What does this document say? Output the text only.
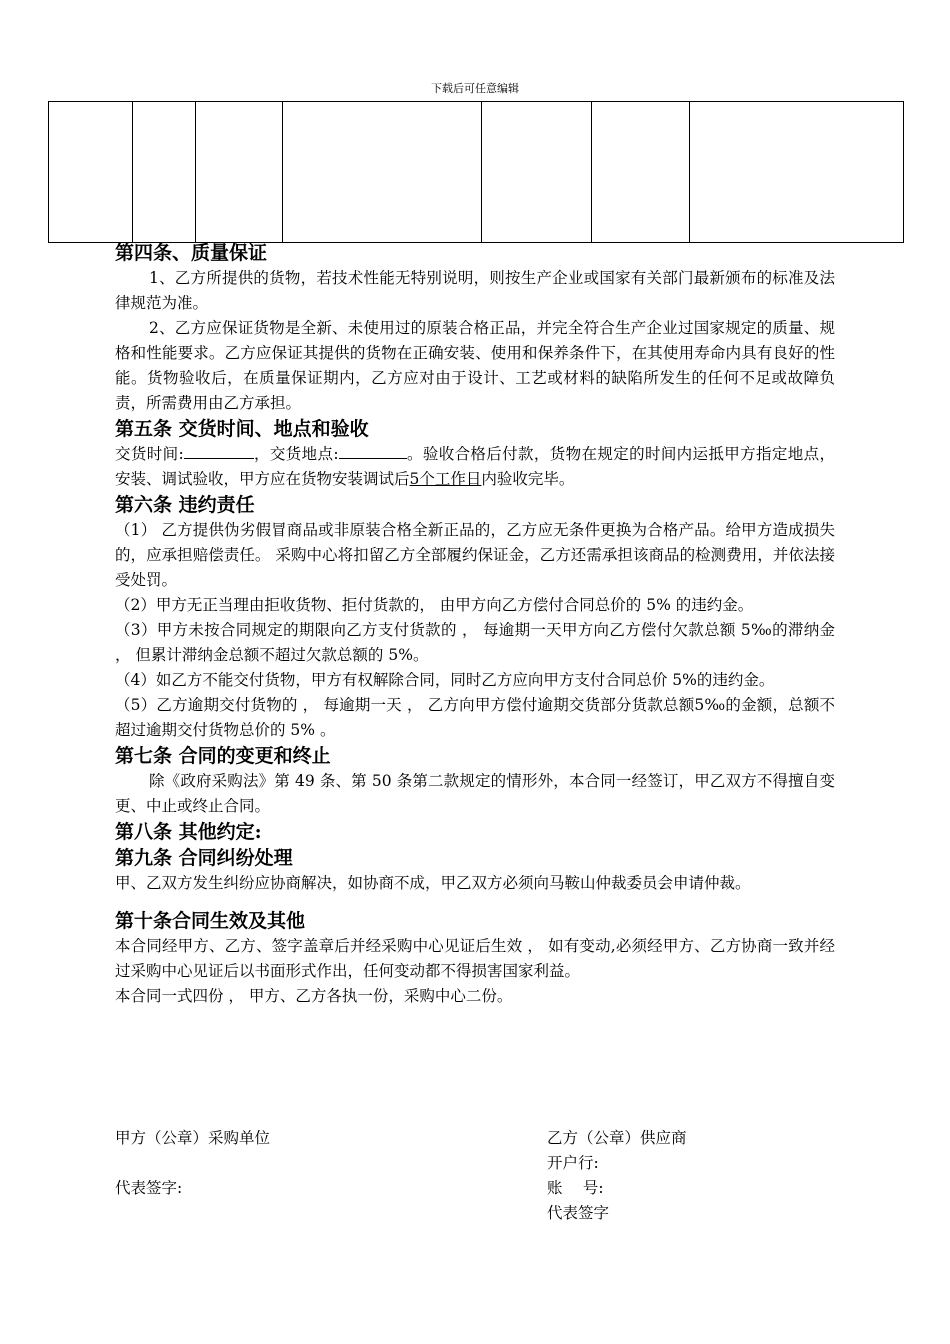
下载后可任意编辑

第四条、质量保证
1、乙方所提供的货物，若技术性能无特别说明，则按生产企业或国家有关部门最新颁布的标准及法律规范为准。
2、乙方应保证货物是全新、未使用过的原装合格正品，并完全符合生产企业过国家规定的质量、规格和性能要求。乙方应保证其提供的货物在正确安装、使用和保养条件下，在其使用寿命内具有良好的性能。货物验收后，在质量保证期内，乙方应对由于设计、工艺或材料的缺陷所发生的任何不足或故障负责，所需费用由乙方承担。
第五条 交货时间、地点和验收
交货时间:	，交货地点:	。验收合格后付款，货物在规定的时间内运抵甲方指定地点，安装、调试验收，甲方应在货物安装调试后5个工作日内验收完毕。
第六条 违约责任
（1） 乙方提供伪劣假冒商品或非原装合格全新正品的，乙方应无条件更换为合格产品。给甲方造成损失的，应承担赔偿责任。 采购中心将扣留乙方全部履约保证金，乙方还需承担该商品的检测费用，并依法接受处罚。
（2）甲方无正当理由拒收货物、拒付货款的， 由甲方向乙方偿付合同总价的 5% 的违约金。
（3）甲方未按合同规定的期限向乙方支付货款的 ， 每逾期一天甲方向乙方偿付欠款总额 5‰的滞纳金 ， 但累计滞纳金总额不超过欠款总额的 5%。
（4）如乙方不能交付货物，甲方有权解除合同，同时乙方应向甲方支付合同总价 5%的违约金。
（5）乙方逾期交付货物的 ， 每逾期一天 ， 乙方向甲方偿付逾期交货部分货款总额5‰的金额，总额不超过逾期交付货物总价的 5% 。
第七条 合同的变更和终止
除《政府采购法》第 49 条、第 50 条第二款规定的情形外，本合同一经签订，甲乙双方不得擅自变更、中止或终止合同。
第八条 其他约定:
第九条 合同纠纷处理
甲、乙双方发生纠纷应协商解决，如协商不成，甲乙双方必须向马鞍山仲裁委员会申请仲裁。
第十条合同生效及其他
本合同经甲方、乙方、签字盖章后并经采购中心见证后生效 ， 如有变动,必须经甲方、乙方协商一致并经过采购中心见证后以书面形式作出，任何变动都不得损害国家利益。
本合同一式四份 ， 甲方、乙方各执一份，采购中心二份。
甲方（公章）采购单位
代表签字:
乙方（公章）供应商
开户行:
账　 号:
代表签字
